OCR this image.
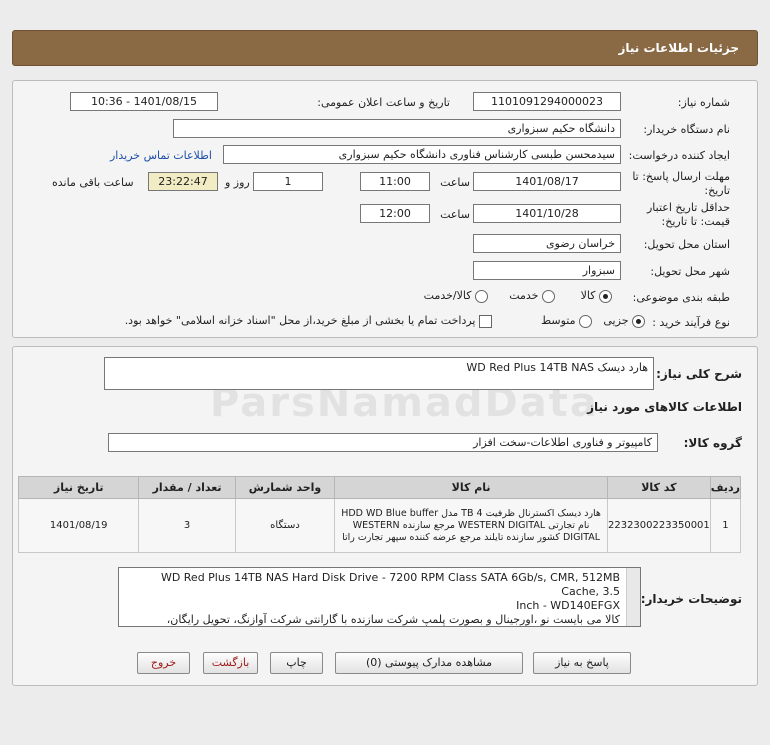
جزئیات اطلاعات نیاز
شماره نیاز:
1101091294000023
تاریخ و ساعت اعلان عمومی:
1401/08/15 - 10:36
نام دستگاه خریدار:
دانشگاه حکیم سبزواری
ایجاد کننده درخواست:
سیدمحسن طبسی کارشناس فناوری دانشگاه حکیم سبزواری
اطلاعات تماس خریدار
مهلت ارسال پاسخ: تا
تاریخ:
1401/08/17
ساعت
11:00
1
روز و
23:22:47
ساعت باقی مانده
حداقل تاریخ اعتبار
قیمت: تا تاریخ:
1401/10/28
ساعت
12:00
استان محل تحویل:
خراسان رضوی
شهر محل تحویل:
سبزوار
طبقه بندی موضوعی:
کالا
خدمت
کالا/خدمت
نوع فرآیند خرید :
جزیی
متوسط
پرداخت تمام یا بخشی از مبلغ خرید،از محل "اسناد خزانه اسلامی" خواهد بود.
شرح کلی نیاز:
هارد دیسک WD Red Plus 14TB NAS
اطلاعات کالاهای مورد نیاز
گروه کالا:
کامپیوتر و فناوری اطلاعات-سخت افزار
ردیف	کد کالا	نام کالا	واحد شمارش	تعداد / مقدار	تاریخ نیاز
1	2232300223350001	هارد دیسک اکسترنال ظرفیت 4 TB مدل HDD WD Blue buffer نام تجارتی WESTERN DIGITAL مرجع سازنده WESTERN DIGITAL کشور سازنده تایلند مرجع عرضه کننده سپهر تجارت راتا	دستگاه	3	1401/08/19
توضیحات خریدار:
WD Red Plus 14TB NAS Hard Disk Drive - 7200 RPM Class SATA 6Gb/s, CMR, 512MB
Cache, 3.5
Inch - WD140EFGX
کالا می بایست نو ،اورجینال و بصورت پلمپ شرکت سازنده با گارانتی شرکت آوازنگ، تحویل رایگان،
پاسخ به نیاز
مشاهده مدارک پیوستی (0)
چاپ
بازگشت
خروج
